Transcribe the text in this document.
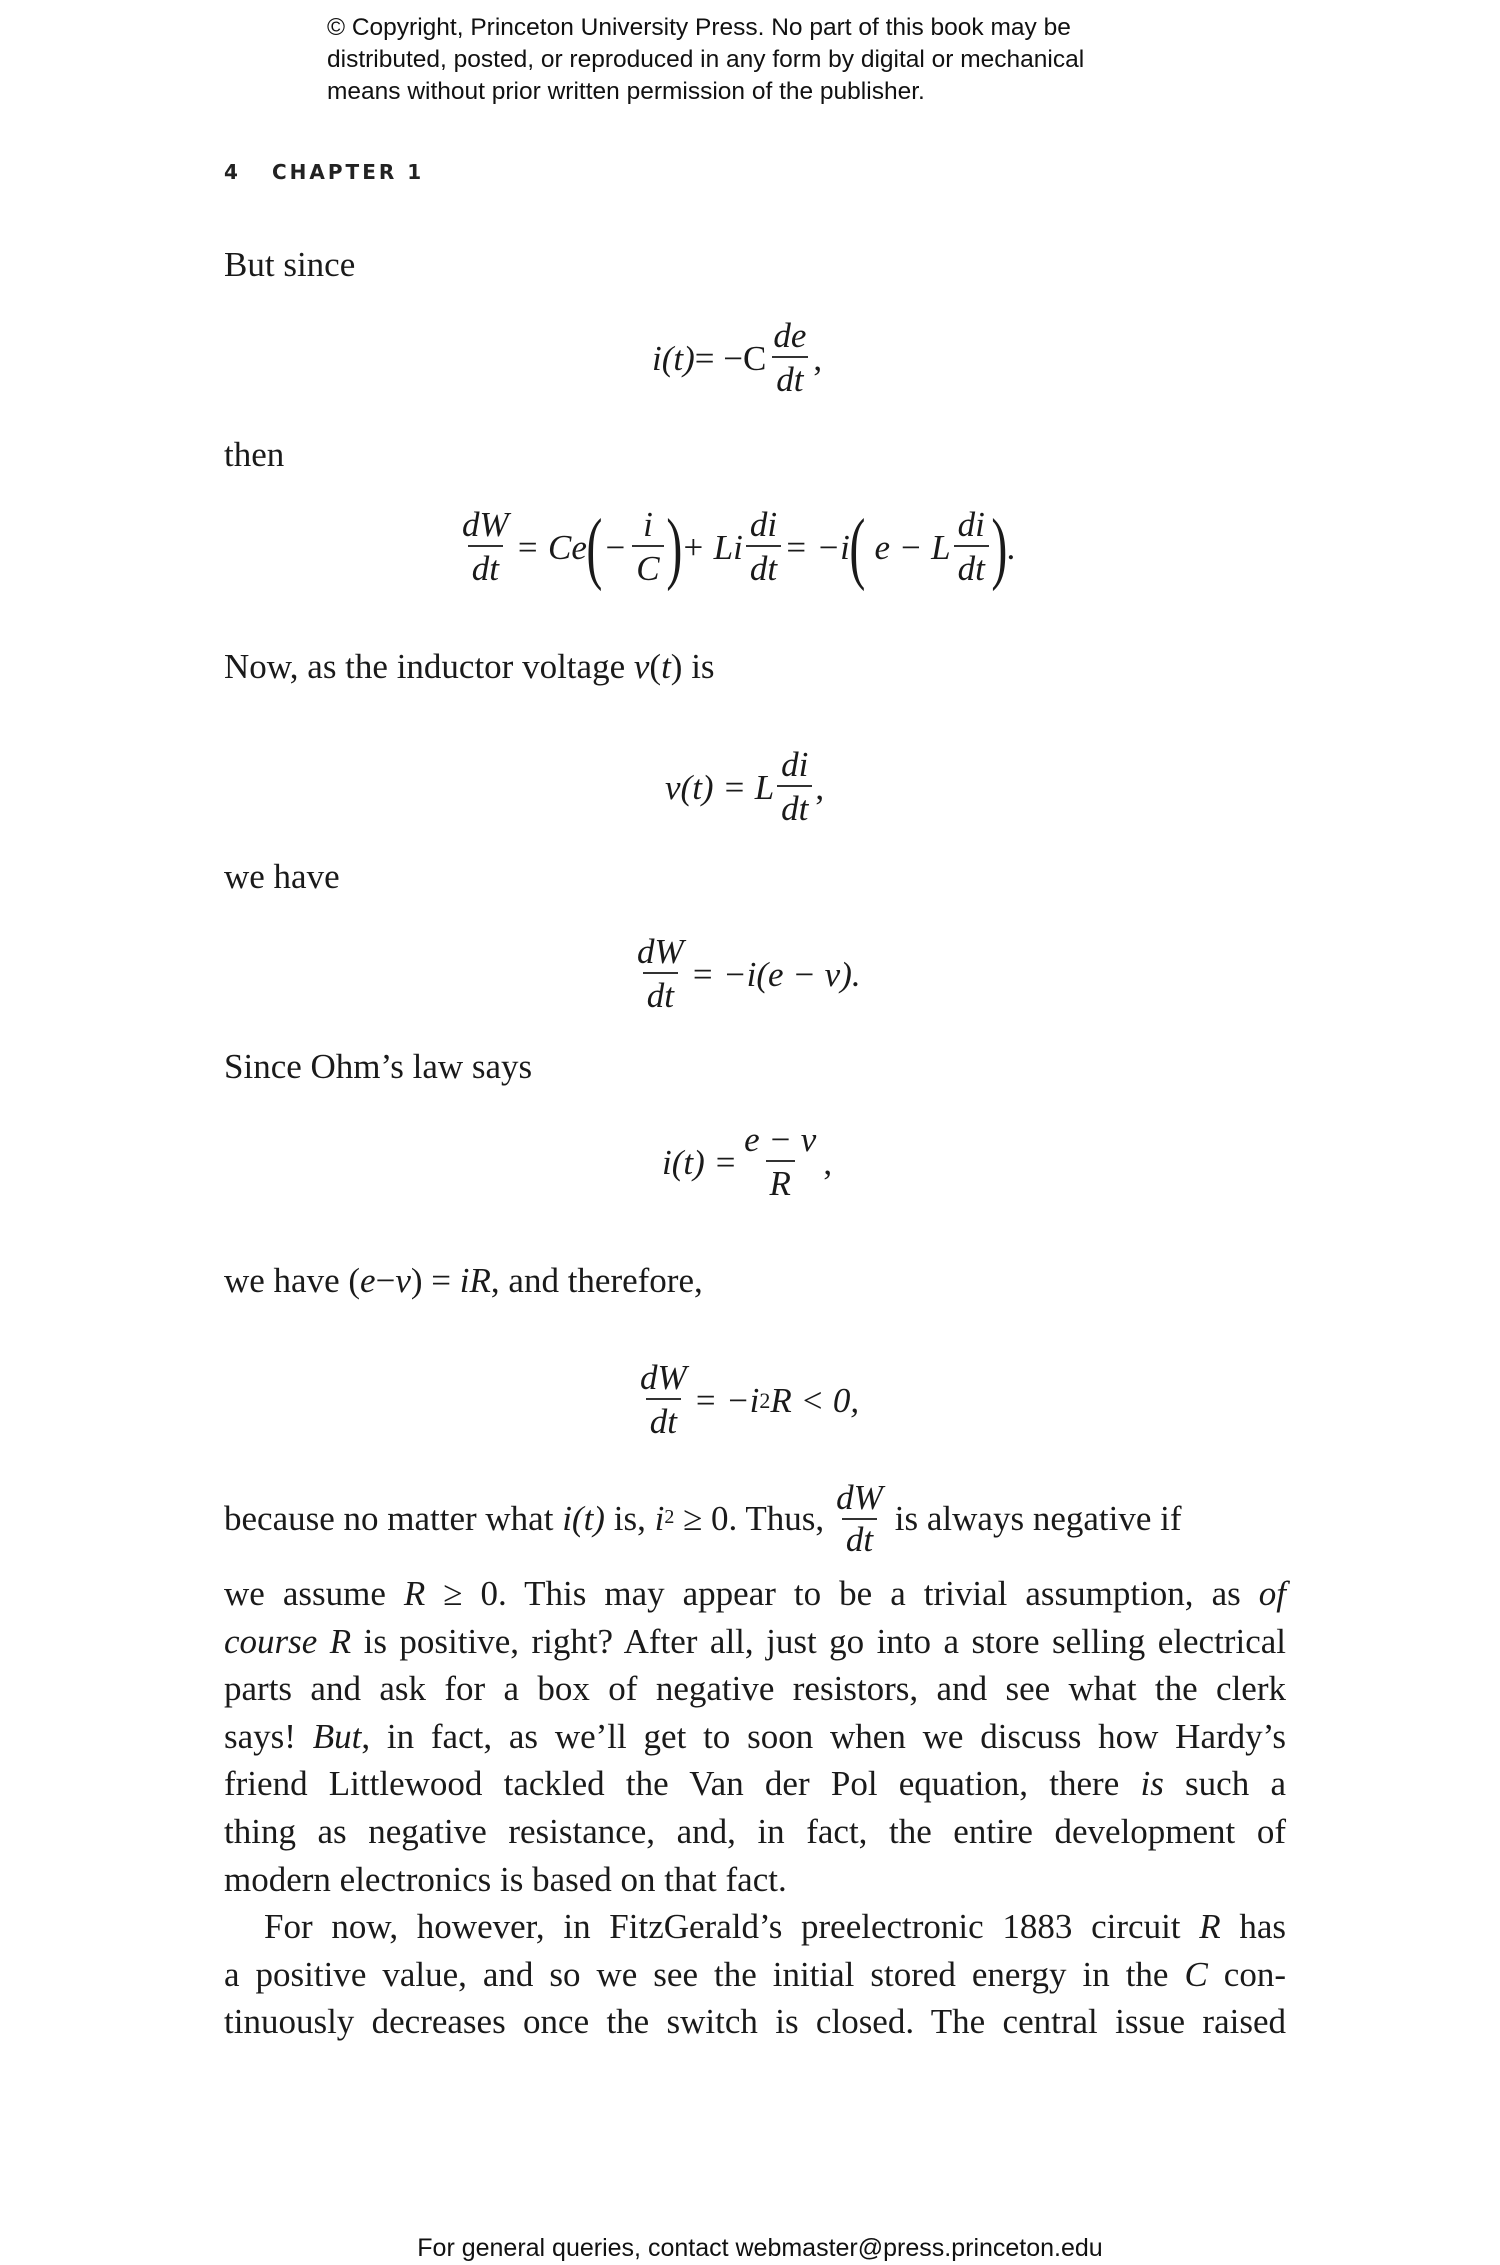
© Copyright, Princeton University Press. No part of this book may be
distributed, posted, or reproduced in any form by digital or mechanical
means without prior written permission of the publisher.
4 CHAPTER 1
But since
i $(t) = -C \frac{de}{dt}$ ,
then
$\frac{dW}{dt} = Ce$ ( − $\frac{i}{C}$ ) + Li $\frac{di}{dt} = -i$ ( e − L $\frac{di}{dt}$ ) .
Now, as the inductor voltage v(t) is
v(t) = L $\frac{di}{dt}$ ,
we have
$\frac{dW}{dt} = -i(e - v)$.
Since Ohm’s law says
$i(t) = \frac{e - v}{R}$ ,
we have (e−v) = iR, and therefore,
$\frac{dW}{dt} = -i$ 2 R < 0,
because no matter what i(t) is, i 2 ≥ 0. Thus, $\frac{dW}{dt}$ is always negative if
we assume R ≥ 0. This may appear to be a trivial assumption, as of
course R is positive, right? After all, just go into a store selling electrical
parts and ask for a box of negative resistors, and see what the clerk
says! But, in fact, as we’ll get to soon when we discuss how Hardy’s
friend Littlewood tackled the Van der Pol equation, there is such a
thing as negative resistance, and, in fact, the entire development of
modern electronics is based on that fact.
For now, however, in FitzGerald’s preelectronic 1883 circuit R has
a positive value, and so we see the initial stored energy in the C con-
tinuously decreases once the switch is closed. The central issue raised
For general queries, contact webmaster@press.princeton.edu
